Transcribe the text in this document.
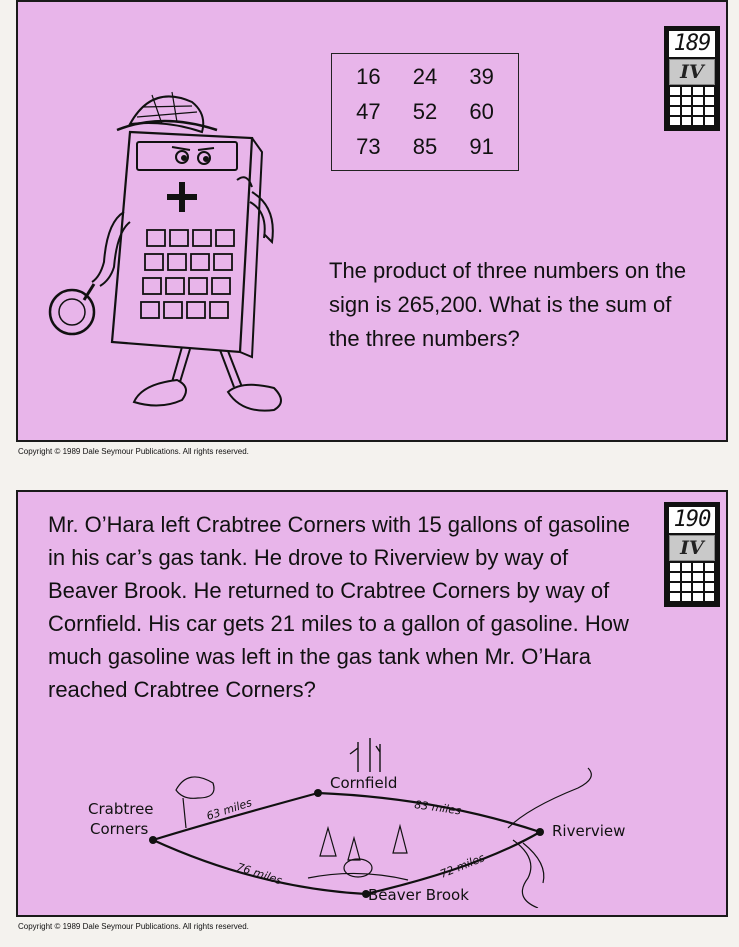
189
IV
16	24	39
47	52	60
73	85	91
The product of three numbers on the sign is 265,200. What is the sum of the three numbers?
Copyright © 1989 Dale Seymour Publications. All rights reserved.
190
IV
Mr. O’Hara left Crabtree Corners with 15 gallons of gasoline in his car’s gas tank. He drove to Riverview by way of Beaver Brook. He returned to Crabtree Corners by way of Cornfield. His car gets 21 miles to a gallon of gasoline. How much gasoline was left in the gas tank when Mr. O’Hara reached Crabtree Corners?
Crabtree
Corners
Cornfield
Riverview
Beaver Brook
63 miles	83 miles
76 miles	72 miles
Copyright © 1989 Dale Seymour Publications. All rights reserved.
